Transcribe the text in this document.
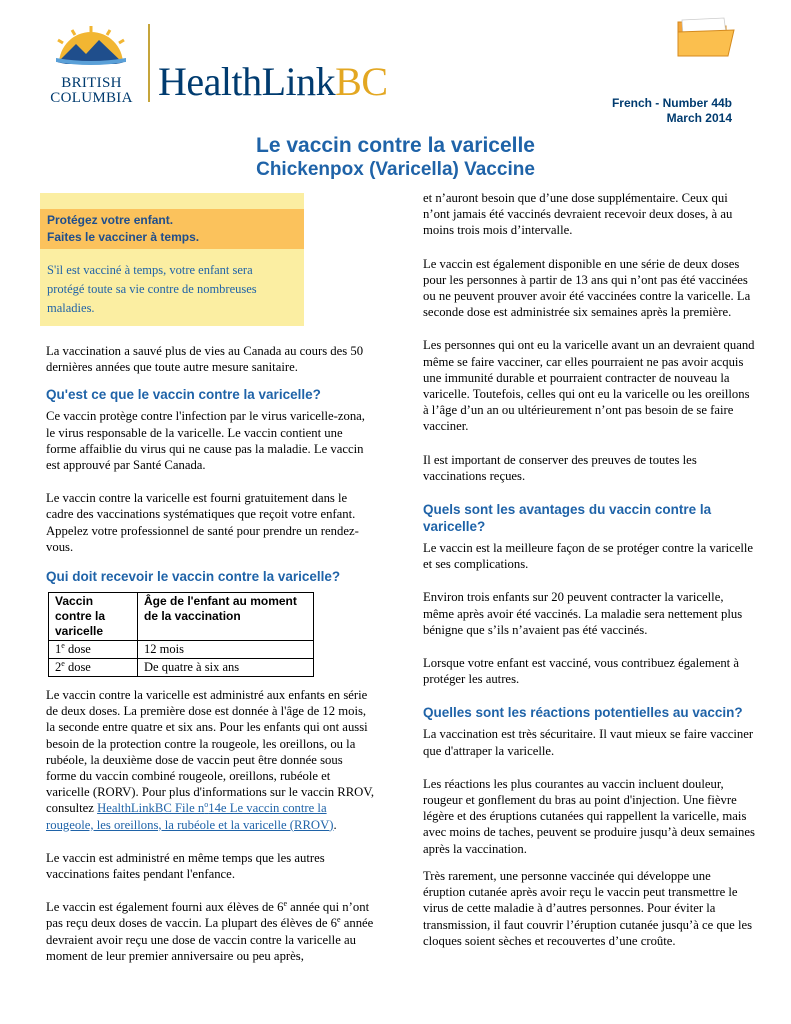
BRITISH
COLUMBIA HealthLinkBC	French - Number 44b
March 2014
Le vaccin contre la varicelle
Chickenpox (Varicella) Vaccine
Protégez votre enfant.
Faites le vacciner à temps.
S'il est vacciné à temps, votre enfant sera protégé toute sa vie contre de nombreuses maladies.

La vaccination a sauvé plus de vies au Canada au cours des 50 dernières années que toute autre mesure sanitaire.

Qu'est ce que le vaccin contre la varicelle?

Ce vaccin protège contre l'infection par le virus varicelle-zona, le virus responsable de la varicelle. Le vaccin contient une forme affaiblie du virus qui ne cause pas la maladie. Le vaccin est approuvé par Santé Canada.

Le vaccin contre la varicelle est fourni gratuitement dans le cadre des vaccinations systématiques que reçoit votre enfant. Appelez votre professionnel de santé pour prendre un rendez-vous.

Qui doit recevoir le vaccin contre la varicelle?
Vaccin contre la varicelle	Âge de l'enfant au moment de la vaccination
1e dose	12 mois
2e dose	De quatre à six ans

Le vaccin contre la varicelle est administré aux enfants en série de deux doses. La première dose est donnée à l'âge de 12 mois, la seconde entre quatre et six ans. Pour les enfants qui ont aussi besoin de la protection contre la rougeole, les oreillons, ou la rubéole, la deuxième dose de vaccin peut être donnée sous forme du vaccin combiné rougeole, oreillons, rubéole et varicelle (RORV). Pour plus d'informations sur le vaccin RROV, consultez HealthLinkBC File $n^o14e$ Le vaccin contre la rougeole, les oreillons, la rubéole et la varicelle (RROV).

Le vaccin est administré en même temps que les autres vaccinations faites pendant l'enfance.

Le vaccin est également fourni aux élèves de 6e année qui n’ont pas reçu deux doses de vaccin. La plupart des élèves de 6e année devraient avoir reçu une dose de vaccin contre la varicelle au moment de leur premier anniversaire ou peu après,

et n’auront besoin que d’une dose supplémentaire. Ceux qui n’ont jamais été vaccinés devraient recevoir deux doses, à au moins trois mois d’intervalle.

Le vaccin est également disponible en une série de deux doses pour les personnes à partir de 13 ans qui n’ont pas été vaccinées ou ne peuvent prouver avoir été vaccinées contre la varicelle. La seconde dose est administrée six semaines après la première.

Les personnes qui ont eu la varicelle avant un an devraient quand même se faire vacciner, car elles pourraient ne pas avoir acquis une immunité durable et pourraient contracter de nouveau la varicelle. Toutefois, celles qui ont eu la varicelle ou les oreillons à l’âge d’un an ou ultérieurement n’ont pas besoin de se faire vacciner.

Il est important de conserver des preuves de toutes les vaccinations reçues.

Quels sont les avantages du vaccin contre la varicelle?

Le vaccin est la meilleure façon de se protéger contre la varicelle et ses complications.

Environ trois enfants sur 20 peuvent contracter la varicelle, même après avoir été vaccinés. La maladie sera nettement plus bénigne que s’ils n’avaient pas été vaccinés.

Lorsque votre enfant est vacciné, vous contribuez également à protéger les autres.

Quelles sont les réactions potentielles au vaccin?

La vaccination est très sécuritaire. Il vaut mieux se faire vacciner que d'attraper la varicelle.

Les réactions les plus courantes au vaccin incluent douleur, rougeur et gonflement du bras au point d'injection. Une fièvre légère et des éruptions cutanées qui rappellent la varicelle, mais avec moins de taches, peuvent se produire jusqu’à deux semaines après la vaccination.

Très rarement, une personne vaccinée qui développe une éruption cutanée après avoir reçu le vaccin peut transmettre le virus de cette maladie à d’autres personnes. Pour éviter la transmission, il faut couvrir l’éruption cutanée jusqu’à ce que les cloques soient sèches et recouvertes d’une croûte.
